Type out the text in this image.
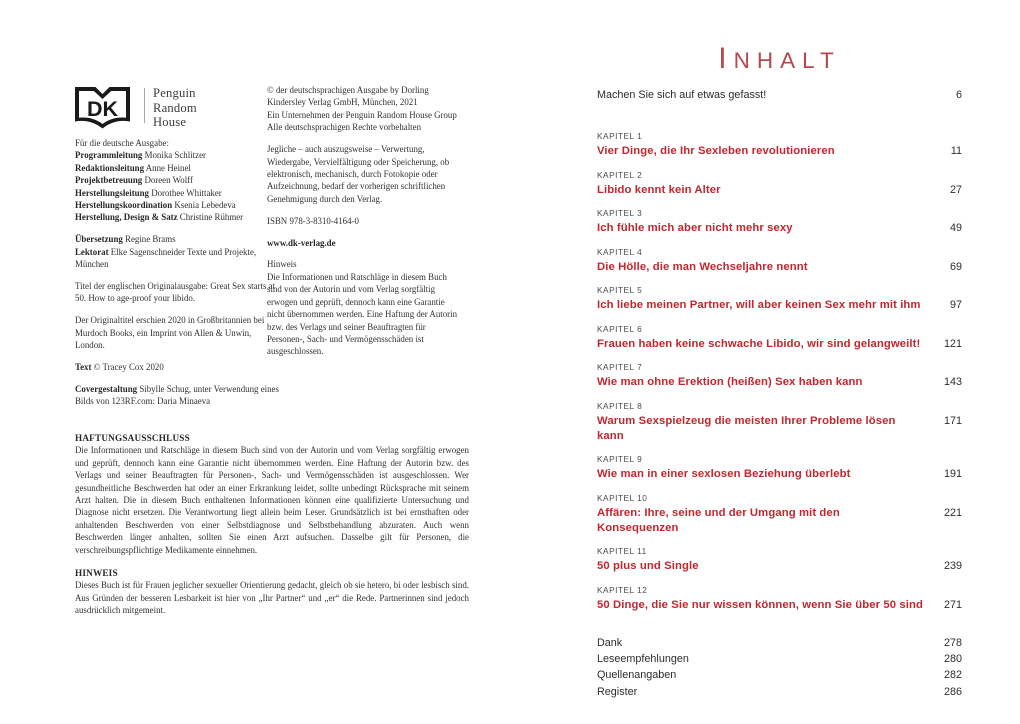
DK
Penguin
Random
House
Für die deutsche Ausgabe:
Programmleitung Monika Schlitzer
Redaktionsleitung Anne Heinel
Projektbetreuung Doreen Wolff
Herstellungsleitung Dorothee Whittaker
Herstellungskoordination Ksenia Lebedeva
Herstellung, Design & Satz Christine Rühmer
Übersetzung Regine Brams
Lektorat Elke Sagenschneider Texte und Projekte, München
Titel der englischen Originalausgabe: Great Sex starts at 50. How to age-proof your libido.
Der Originaltitel erschien 2020 in Großbritannien bei Murdoch Books, ein Imprint von Allen & Unwin, London.
Text © Tracey Cox 2020
Covergestaltung Sibylle Schug, unter Verwendung eines Bilds von 123RF.com: Daria Minaeva
© der deutschsprachigen Ausgabe by Dorling Kindersley Verlag GmbH, München, 2021
Ein Unternehmen der Penguin Random House Group
Alle deutschsprachigen Rechte vorbehalten
Jegliche – auch auszugsweise – Verwertung, Wiedergabe, Vervielfältigung oder Speicherung, ob elektronisch, mechanisch, durch Fotokopie oder Aufzeichnung, bedarf der vorherigen schriftlichen Genehmigung durch den Verlag.
ISBN 978-3-8310-4164-0
www.dk-verlag.de
Hinweis
Die Informationen und Ratschläge in diesem Buch sind von der Autorin und vom Verlag sorgfältig erwogen und geprüft, dennoch kann eine Garantie nicht übernommen werden. Eine Haftung der Autorin bzw. des Verlags und seiner Beauftragten für Personen-, Sach- und Vermögensschäden ist ausgeschlossen.
HAFTUNGSAUSSCHLUSS
Die Informationen und Ratschläge in diesem Buch sind von der Autorin und vom Verlag sorgfältig erwogen und geprüft, dennoch kann eine Garantie nicht übernommen werden. Eine Haftung der Autorin bzw. des Verlags und seiner Beauftragten für Personen-, Sach- und Vermögensschäden ist ausgeschlossen. Wer gesundheitliche Beschwerden hat oder an einer Erkrankung leidet, sollte unbedingt Rücksprache mit seinem Arzt halten. Die in diesem Buch enthaltenen Informationen können eine qualifizierte Untersuchung und Diagnose nicht ersetzen. Die Verantwortung liegt allein beim Leser. Grundsätzlich ist bei ernsthaften oder anhaltenden Beschwerden von einer Selbstdiagnose und Selbstbehandlung abzuraten. Auch wenn Beschwerden länger anhalten, sollten Sie einen Arzt aufsuchen. Dasselbe gilt für Personen, die verschreibungspflichtige Medikamente einnehmen.
HINWEIS
Dieses Buch ist für Frauen jeglicher sexueller Orientierung gedacht, gleich ob sie hetero, bi oder lesbisch sind. Aus Gründen der besseren Lesbarkeit ist hier von „Ihr Partner“ und „er“ die Rede. Partnerinnen sind jedoch ausdrücklich mitgemeint.
INHALT
Machen Sie sich auf etwas gefasst!	6
KAPITEL 1
Vier Dinge, die Ihr Sexleben revolutionieren	11
KAPITEL 2
Libido kennt kein Alter	27
KAPITEL 3
Ich fühle mich aber nicht mehr sexy	49
KAPITEL 4
Die Hölle, die man Wechseljahre nennt	69
KAPITEL 5
Ich liebe meinen Partner, will aber keinen Sex mehr mit ihm	97
KAPITEL 6
Frauen haben keine schwache Libido, wir sind gelangweilt!	121
KAPITEL 7
Wie man ohne Erektion (heißen) Sex haben kann	143
KAPITEL 8
Warum Sexspielzeug die meisten Ihrer Probleme lösen kann
171
KAPITEL 9
Wie man in einer sexlosen Beziehung überlebt	191
KAPITEL 10
Affären: Ihre, seine und der Umgang mit den Konsequenzen
221
KAPITEL 11
50 plus und Single	239
KAPITEL 12
50 Dinge, die Sie nur wissen können, wenn Sie über 50 sind	271
Dank	278
Leseempfehlungen	280
Quellenangaben	282
Register	286
